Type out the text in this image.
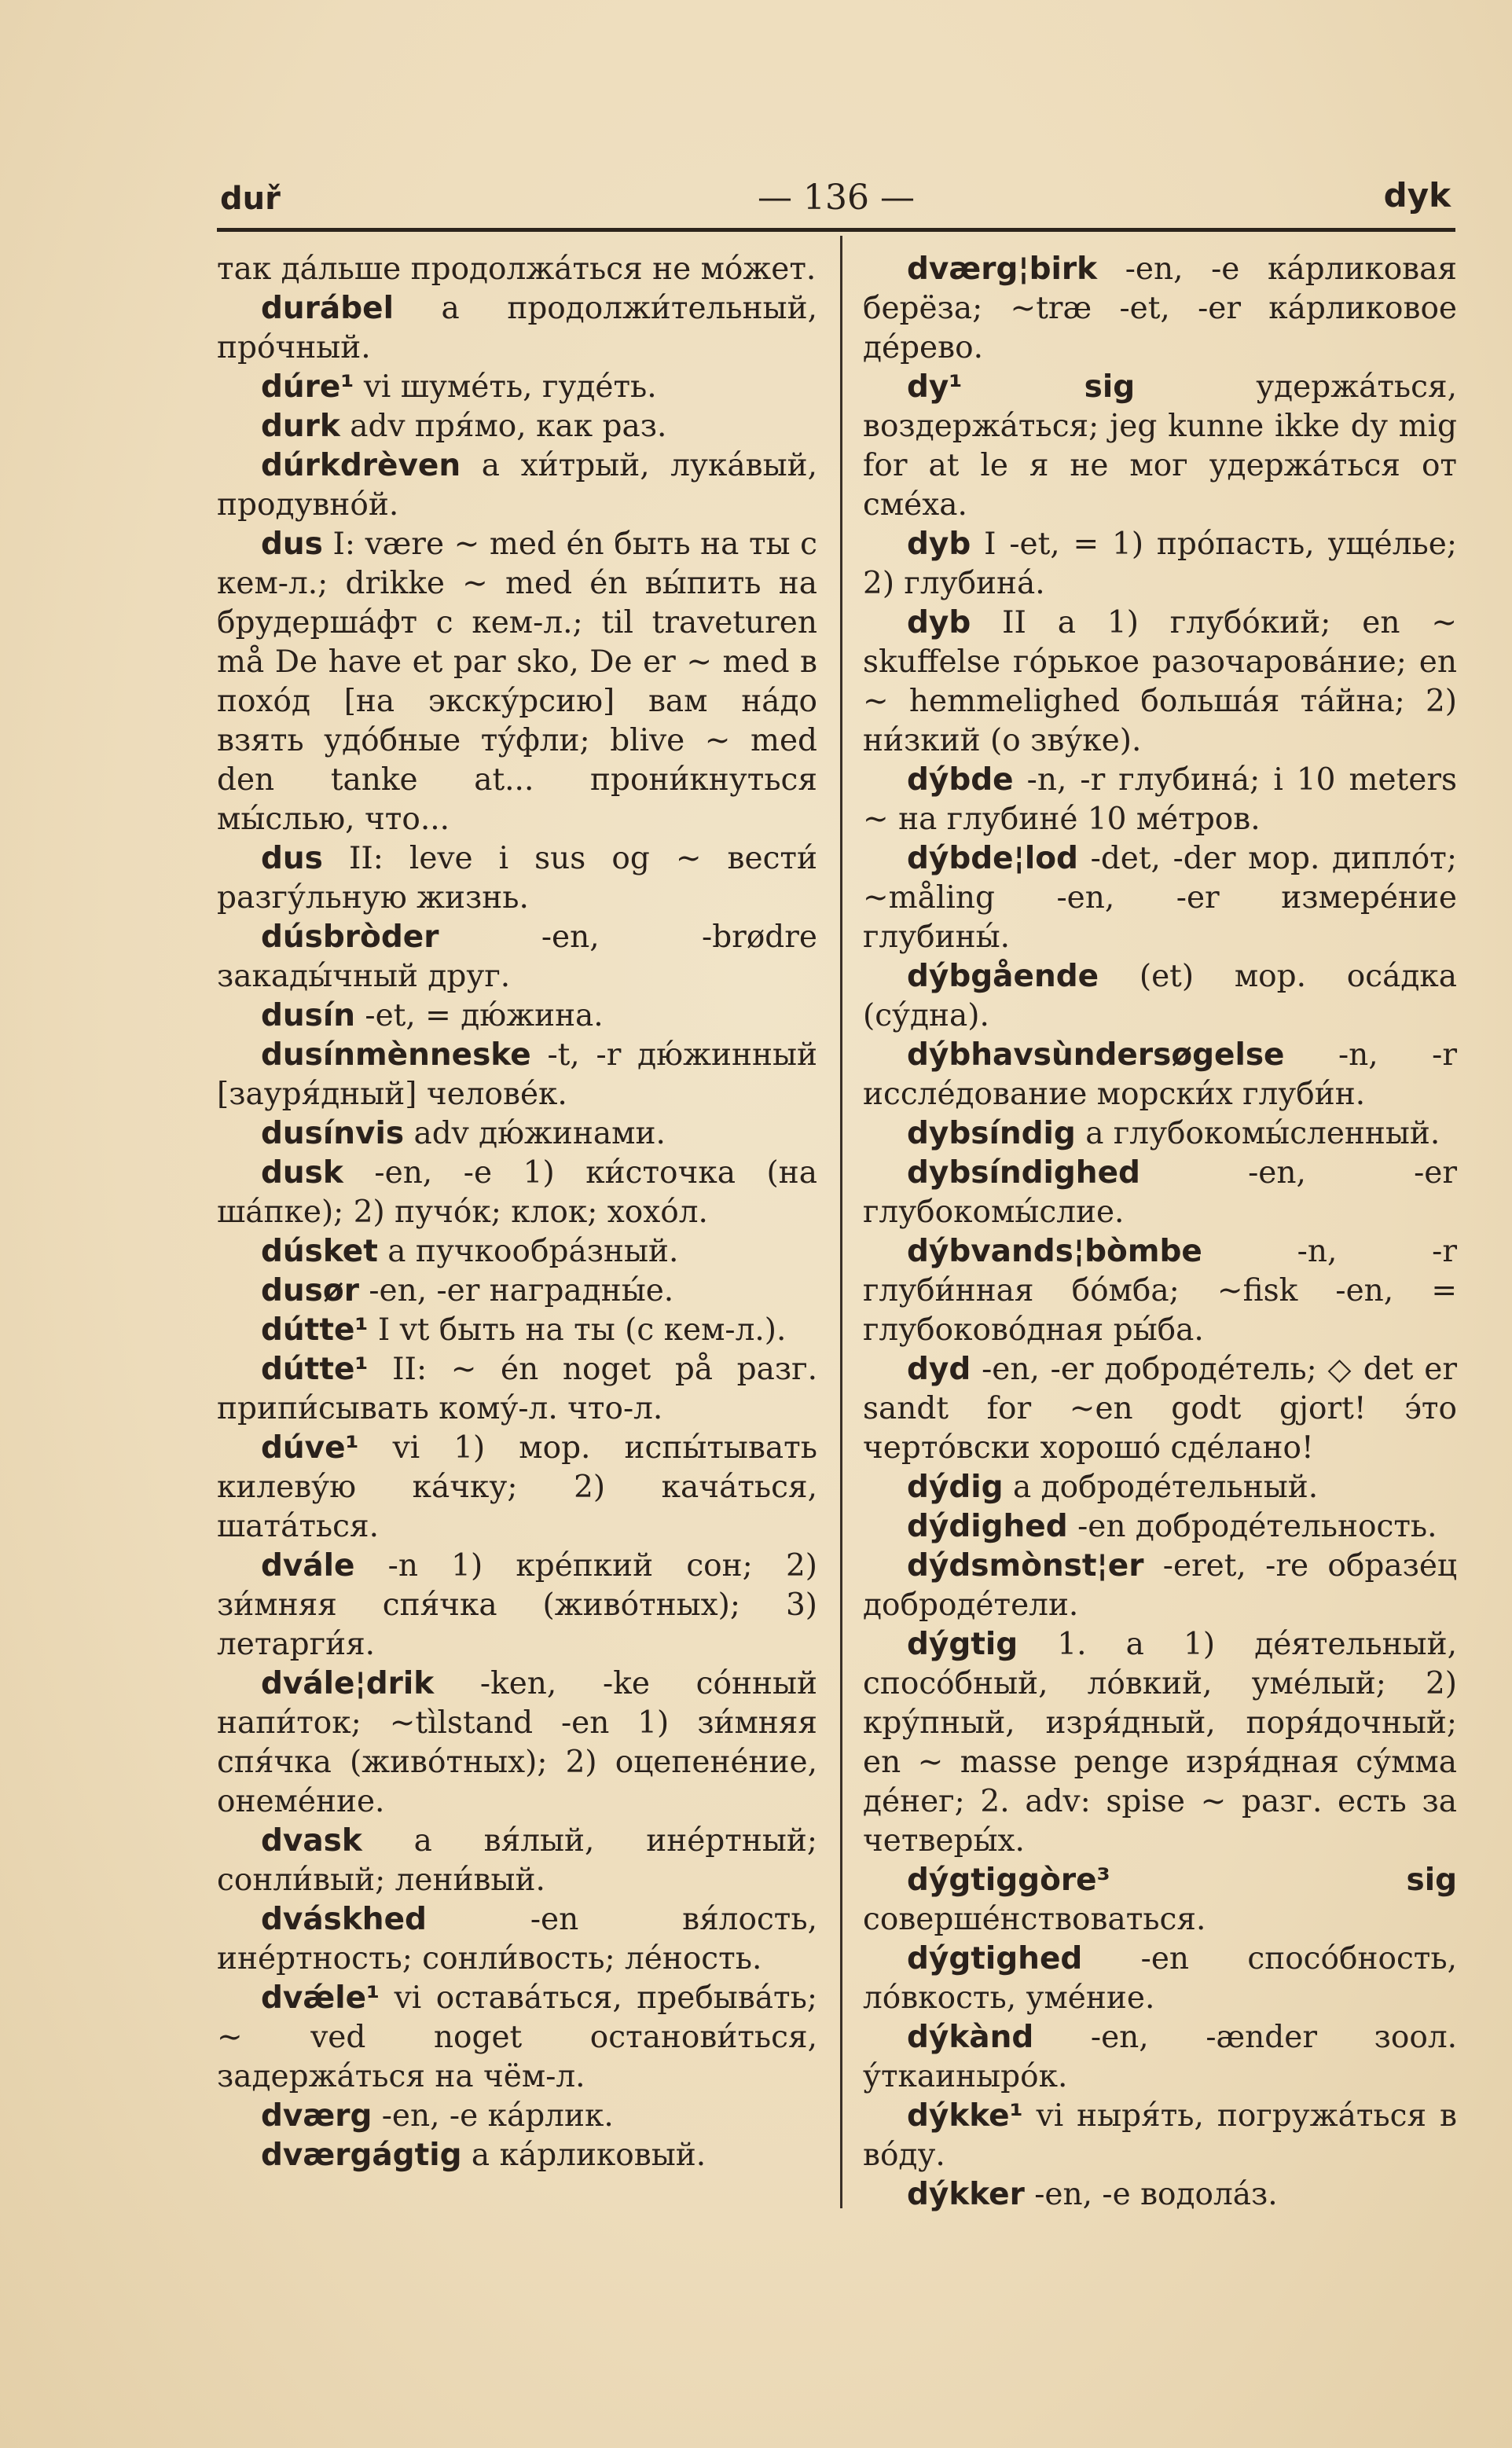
duř	— 136 —	dyk

так да́льше продолжа́ться не мо́жет.

durábel a продолжи́тельный, про́чный.

dúre¹ vi шуме́ть, гуде́ть.

durk adv пря́мо, как раз.

dúrkdrèven a хи́трый, лука́вый, продувно́й.

dus I: være ~ med én быть на ты с кем-л.; drikke ~ med én вы́пить на брудерша́фт с кем-л.; til traveturen må De have et par sko, De er ~ med в похо́д [на экску́рсию] вам на́до взять удо́бные ту́фли; blive ~ med den tanke at... прони́кнуться мы́слью, что...

dus II: leve i sus og ~ вести́ разгу́льную жизнь.

dúsbròder -en, -brødre закады́чный друг.

dusín -et, = дю́жина.

dusínmènneske -t, -r дю́жинный [зауря́дный] челове́к.

dusínvis adv дю́жинами.

dusk -en, -e 1) ки́сточка (на ша́пке); 2) пучо́к; клок; хохо́л.

dúsket a пучкообра́зный.

dusør -en, -er наградны́е.

dútte¹ I vt быть на ты (с кем-л.).

dútte¹ II: ~ én noget på разг. припи́сывать кому́-л. что-л.

dúve¹ vi 1) мор. испы́тывать килеву́ю ка́чку; 2) кача́ться, шата́ться.

dvále -n 1) кре́пкий сон; 2) зи́мняя спя́чка (живо́тных); 3) летарги́я.

dvále¦drik -ken, -ke со́нный напи́ток; ~tìlstand -en 1) зи́мняя спя́чка (живо́тных); 2) оцепене́ние, онеме́ние.

dvask a вя́лый, ине́ртный; сонли́вый; лени́вый.

dváskhed -en вя́лость, ине́ртность; сонли́вость; ле́ность.

dvǽle¹ vi остава́ться, пребыва́ть; ~ ved noget останови́ться, задержа́ться на чём-л.

dværg -en, -e ка́рлик.

dværgágtig a ка́рликовый.

dværg¦birk -en, -e ка́рликовая берёза; ~træ -et, -er ка́рликовое де́рево.

dy¹ sig удержа́ться, воздержа́ться; jeg kunne ikke dy mig for at le я не мог удержа́ться от сме́ха.

dyb I -et, = 1) про́пасть, уще́лье; 2) глубина́.

dyb II a 1) глубо́кий; en ~ skuffelse го́рькое разочарова́ние; en ~ hemmelighed больша́я та́йна; 2) ни́зкий (о зву́ке).

dýbde -n, -r глубина́; i 10 meters ~ на глубине́ 10 ме́тров.

dýbde¦lod -det, -der мор. дипло́т; ~måling -en, -er измере́ние глубины́.

dýbgående (et) мор. оса́дка (су́дна).

dýbhavsùndersøgelse -n, -r иссле́дование морски́х глуби́н.

dybsíndig a глубокомы́сленный.

dybsíndighed -en, -er глубокомы́слие.

dýbvands¦bòmbe -n, -r глуби́нная бо́мба; ~fisk -en, = глубоково́дная ры́ба.

dyd -en, -er доброде́тель; ◇ det er sandt for ~en godt gjort! э́то черто́вски хорошо́ сде́лано!

dýdig a доброде́тельный.

dýdighed -en доброде́тельность.

dýdsmònst¦er -eret, -re образе́ц доброде́тели.

dýgtig 1. a 1) де́ятельный, спосо́бный, ло́вкий, уме́лый; 2) кру́пный, изря́дный, поря́дочный; en ~ masse penge изря́дная су́мма де́нег; 2. adv: spise ~ разг. есть за четверы́х.

dýgtiggòre³ sig соверше́нствоваться.

dýgtighed -en спосо́бность, ло́вкость, уме́ние.

dýkànd -en, -ænder зоол. у́ткаиныро́к.

dýkke¹ vi ныря́ть, погружа́ться в во́ду.

dýkker -en, -e водола́з.
